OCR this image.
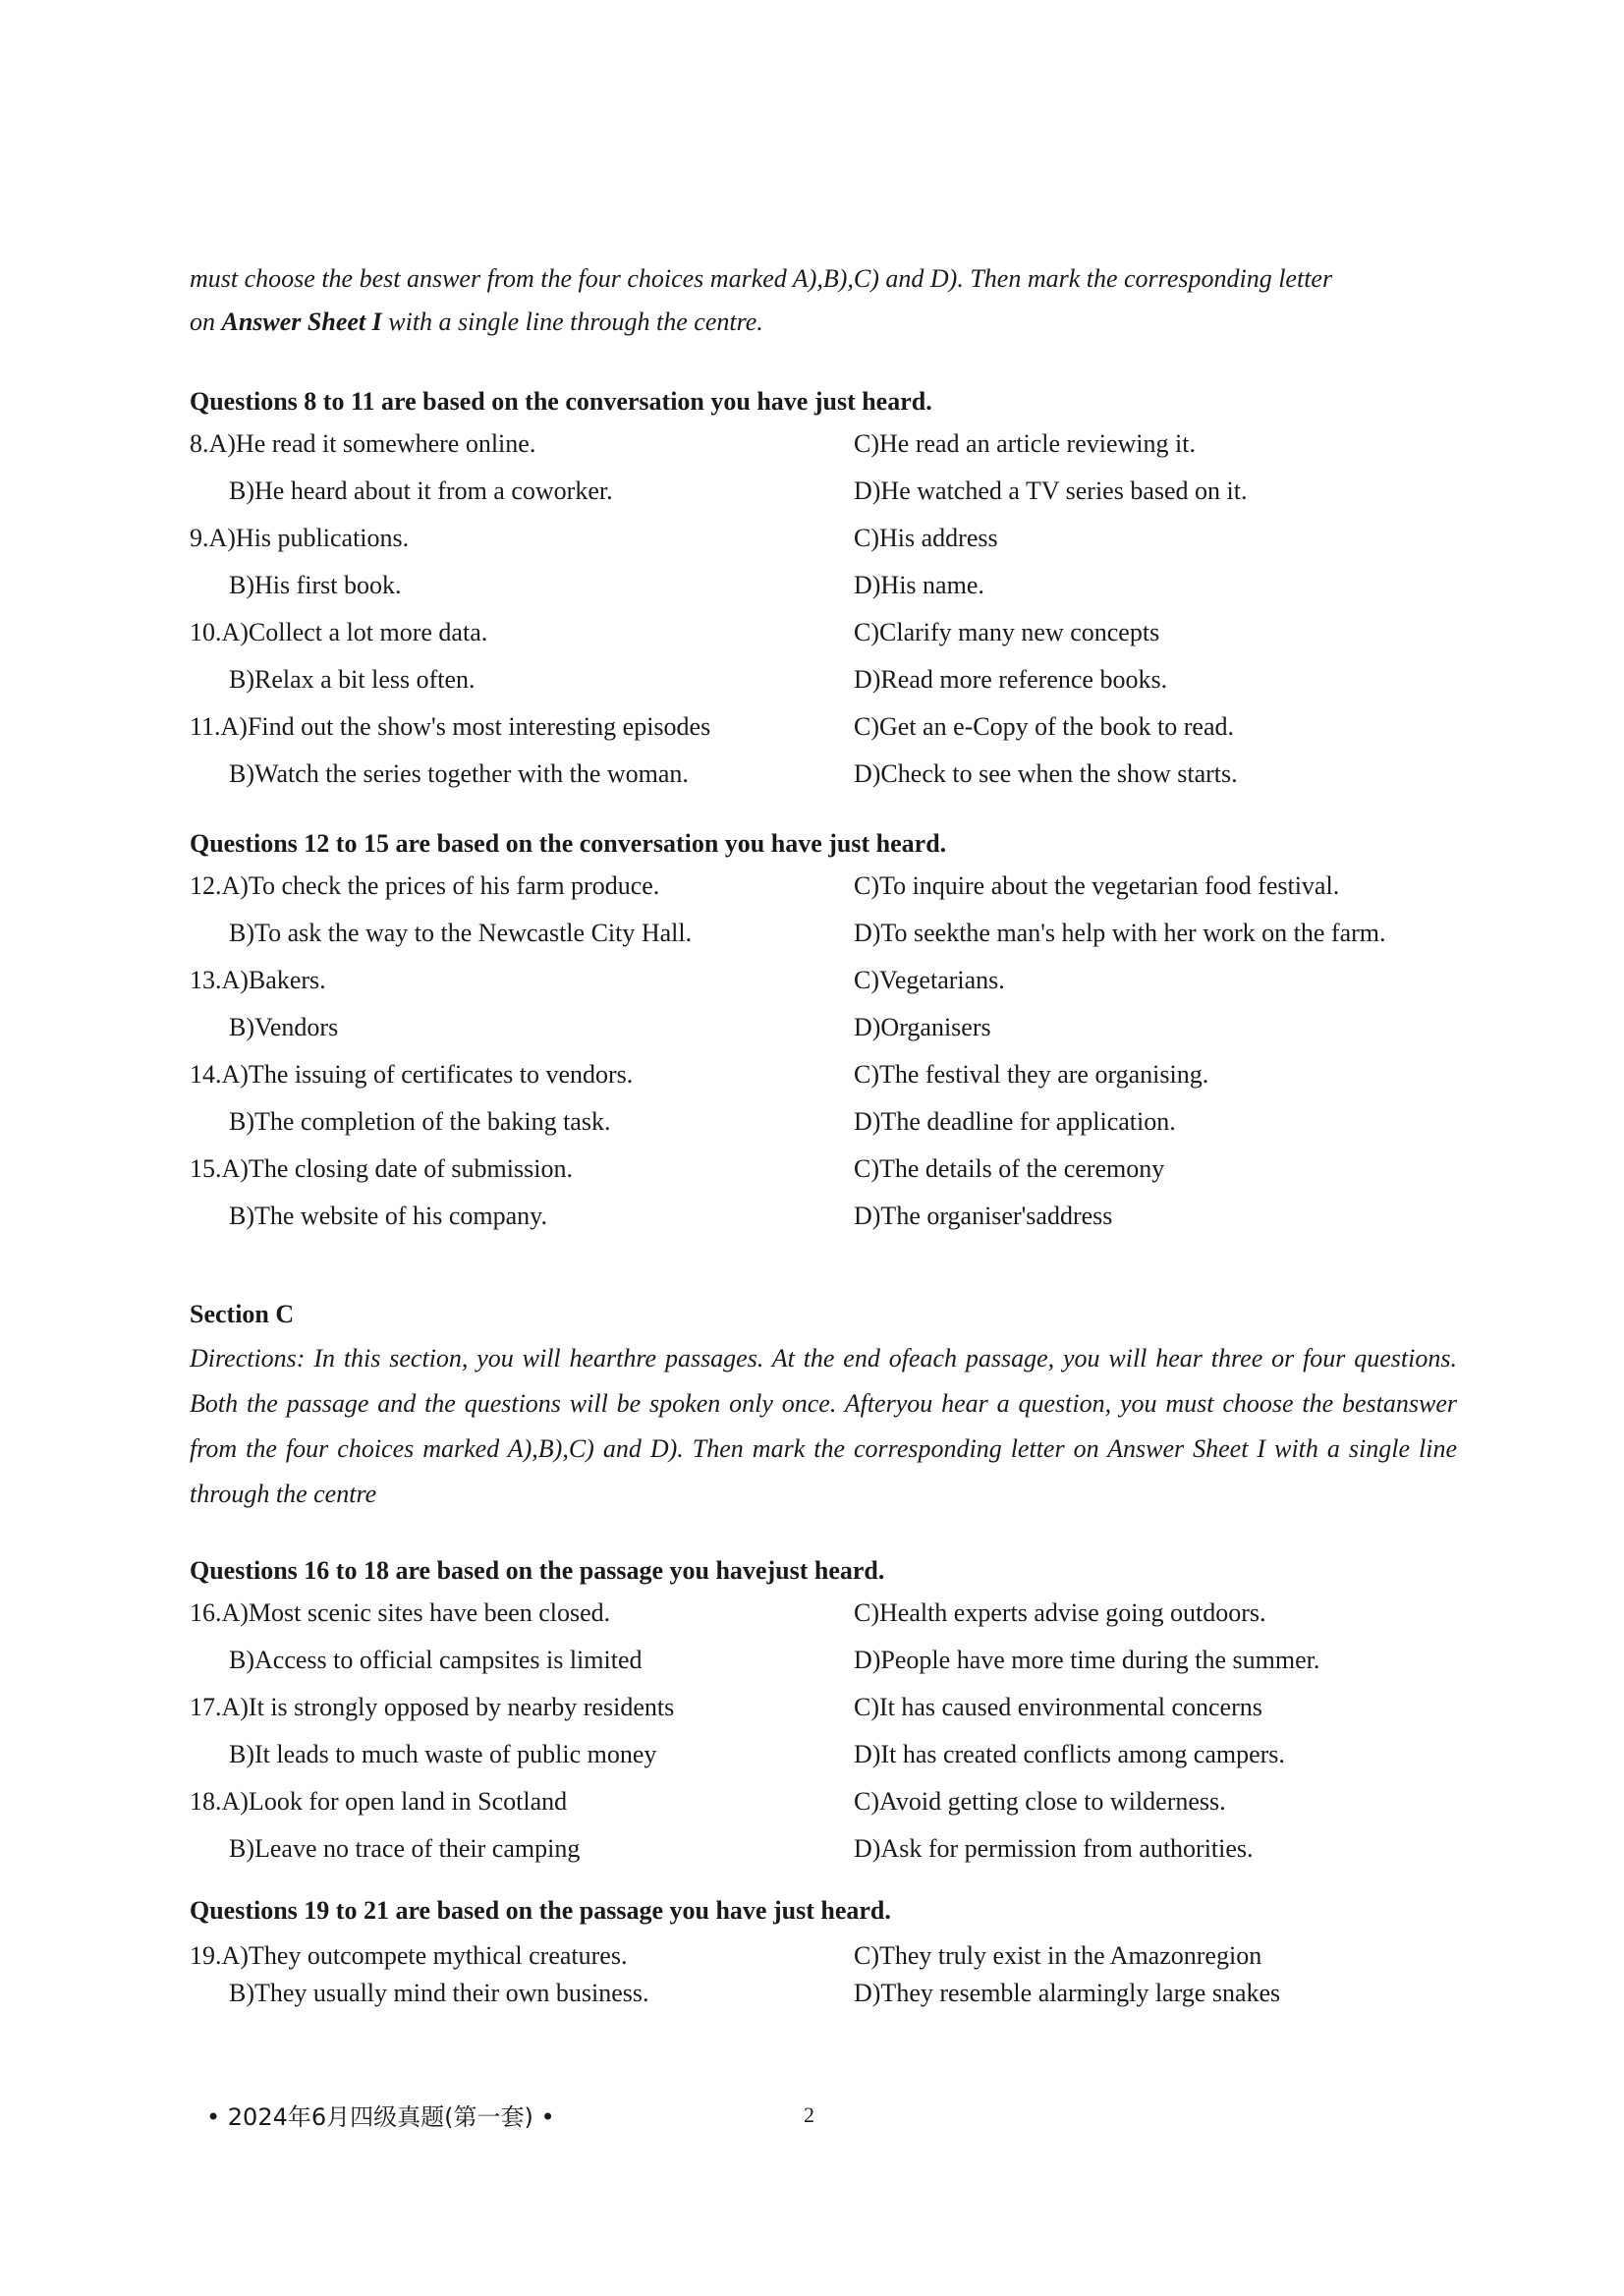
must choose the best answer from the four choices marked A),B),C) and D). Then mark the corresponding letter
on Answer Sheet I with a single line through the centre.

Questions 8 to 11 are based on the conversation you have just heard.

8.A)He read it somewhere online.	C)He read an article reviewing it.
B)He heard about it from a coworker.	D)He watched a TV series based on it.
9.A)His publications.	C)His address
B)His first book.	D)His name.
10.A)Collect a lot more data.	C)Clarify many new concepts
B)Relax a bit less often.	D)Read more reference books.
11.A)Find out the show's most interesting episodes	C)Get an e-Copy of the book to read.
B)Watch the series together with the woman.	D)Check to see when the show starts.

Questions 12 to 15 are based on the conversation you have just heard.

12.A)To check the prices of his farm produce.	C)To inquire about the vegetarian food festival.
B)To ask the way to the Newcastle City Hall.	D)To seekthe man's help with her work on the farm.
13.A)Bakers.	C)Vegetarians.
B)Vendors	D)Organisers
14.A)The issuing of certificates to vendors.	C)The festival they are organising.
B)The completion of the baking task.	D)The deadline for application.
15.A)The closing date of submission.	C)The details of the ceremony
B)The website of his company.	D)The organiser'saddress

Section C

Directions: In this section, you will hearthre passages. At the end ofeach passage, you will hear three or four questions. Both the passage and the questions will be spoken only once. Afteryou hear a question, you must choose the bestanswer from the four choices marked A),B),C) and D). Then mark the corresponding letter on Answer Sheet I with a single line through the centre

Questions 16 to 18 are based on the passage you havejust heard.

16.A)Most scenic sites have been closed.	C)Health experts advise going outdoors.
B)Access to official campsites is limited	D)People have more time during the summer.
17.A)It is strongly opposed by nearby residents	C)It has caused environmental concerns
B)It leads to much waste of public money	D)It has created conflicts among campers.
18.A)Look for open land in Scotland	C)Avoid getting close to wilderness.
B)Leave no trace of their camping	D)Ask for permission from authorities.

Questions 19 to 21 are based on the passage you have just heard.

19.A)They outcompete mythical creatures.	C)They truly exist in the Amazonregion
B)They usually mind their own business.	D)They resemble alarmingly large snakes
• 2024年6月四级真题(第一套) •	2
